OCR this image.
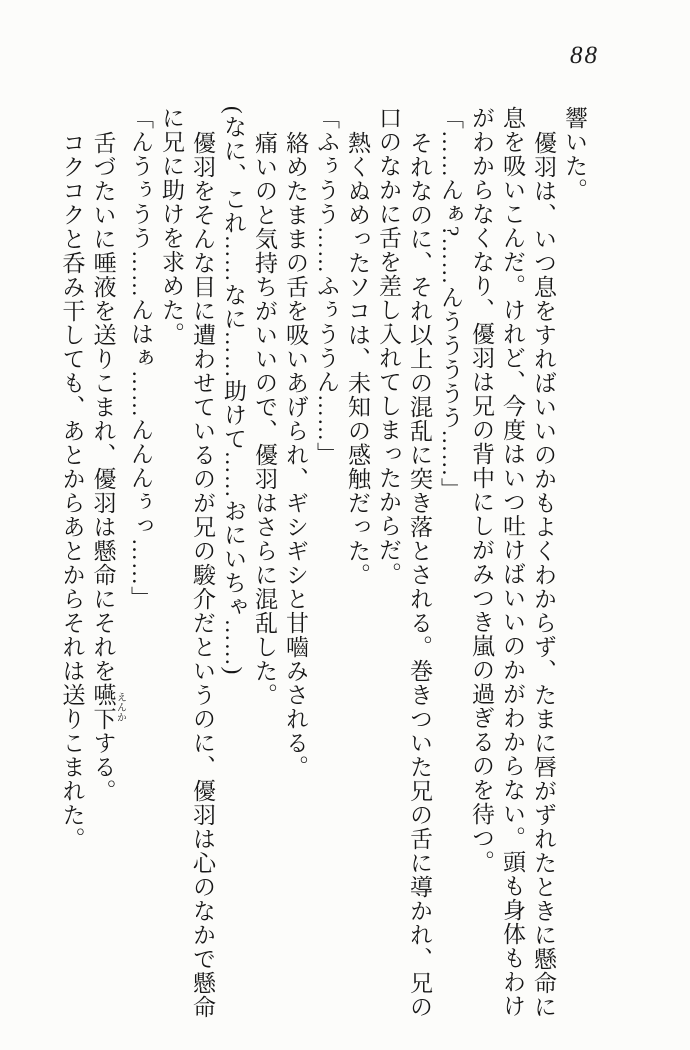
88

響いた。

優羽は、いつ息をすればいいのかもよくわからず、たまに唇がずれたときに懸命に

息を吸いこんだ。けれど、今度はいつ吐けばいいのかがわからない。頭も身体もわけ

がわからなくなり、優羽は兄の背中にしがみつき嵐の過ぎるのを待つ。

「……んぁ?……んううううう……」

それなのに、それ以上の混乱に突き落とされる。巻きついた兄の舌に導かれ、兄の

口のなかに舌を差し入れてしまったからだ。

熱くぬめったソコは、未知の感触だった。

「ふぅうう……ふぅううん……」

絡めたままの舌を吸いあげられ、ギシギシと甘嚙みされる。

痛いのと気持ちがいいので、優羽はさらに混乱した。

(なに、これ……なに……助けて……おにいちゃ……)

優羽をそんな目に遭わせているのが兄の駿介だというのに、優羽は心のなかで懸命

に兄に助けを求めた。

「んうぅうう……んはぁ……んんんぅっ……」

舌づたいに唾液を送りこまれ、優羽は懸命にそれを嚥下 えんかする。

コクコクと呑み干しても、あとからあとからそれは送りこまれた。
